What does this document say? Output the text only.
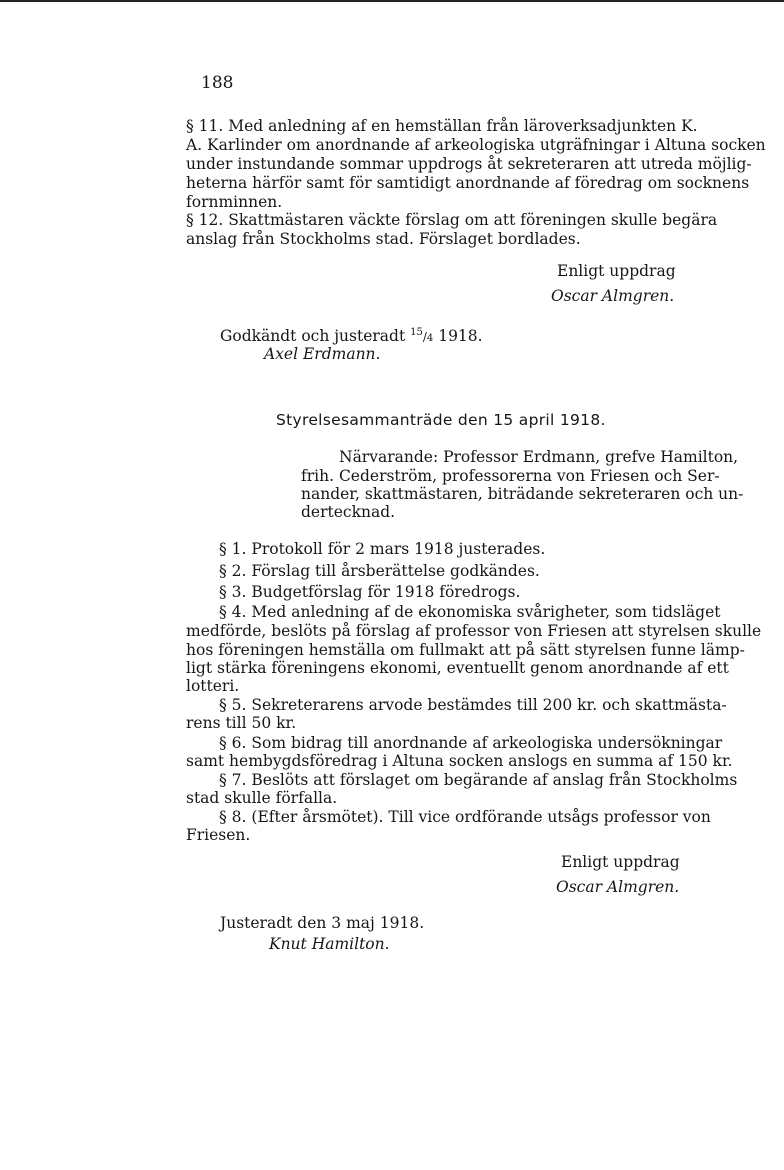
188
§ 11. Med anledning af en hemställan från läroverksadjunkten K.
A. Karlinder om anordnande af arkeologiska utgräfningar i Altuna socken
under instundande sommar uppdrogs åt sekreteraren att utreda möjlig-
heterna härför samt för samtidigt anordnande af föredrag om socknens
fornminnen.
§ 12. Skattmästaren väckte förslag om att föreningen skulle begära
anslag från Stockholms stad. Förslaget bordlades.
Enligt uppdrag
Oscar Almgren.
Godkändt och justeradt $^{15}$/4 1918.
Axel Erdmann.
Styrelsesammanträde den 15 april 1918.
Närvarande: Professor Erdmann, grefve Hamilton,
frih. Cederström, professorerna von Friesen och Ser-
nander, skattmästaren, biträdande sekreteraren och un-
dertecknad.
§ 1. Protokoll för 2 mars 1918 justerades.
§ 2. Förslag till årsberättelse godkändes.
§ 3. Budgetförslag för 1918 föredrogs.
§ 4. Med anledning af de ekonomiska svårigheter, som tidsläget
medförde, beslöts på förslag af professor von Friesen att styrelsen skulle
hos föreningen hemställa om fullmakt att på sätt styrelsen funne lämp-
ligt stärka föreningens ekonomi, eventuellt genom anordnande af ett
lotteri.
§ 5. Sekreterarens arvode bestämdes till 200 kr. och skattmästa-
rens till 50 kr.
§ 6. Som bidrag till anordnande af arkeologiska undersökningar
samt hembygdsföredrag i Altuna socken anslogs en summa af 150 kr.
§ 7. Beslöts att förslaget om begärande af anslag från Stockholms
stad skulle förfalla.
§ 8. (Efter årsmötet). Till vice ordförande utsågs professor von
Friesen.
Enligt uppdrag
Oscar Almgren.
Justeradt den 3 maj 1918.
Knut Hamilton.
